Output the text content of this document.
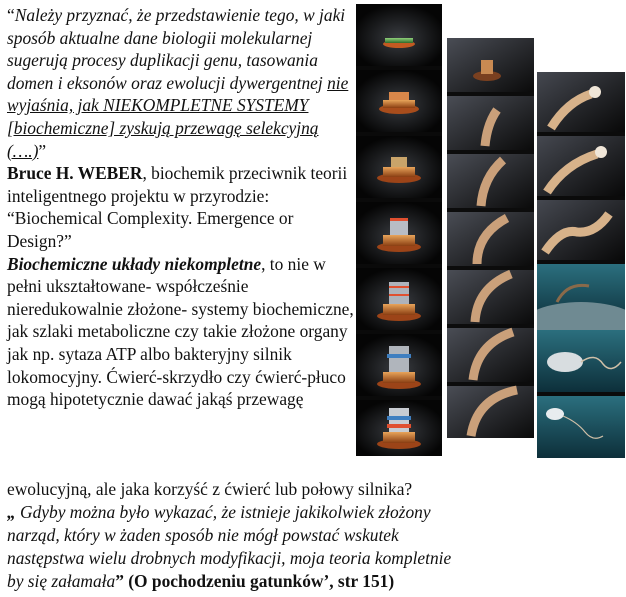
“Należy przyznać, że przedstawienie tego, w jaki sposób aktualne dane biologii molekularnej sugerują procesy duplikacji genu, tasowania domen i eksonów oraz ewolucji dywergentnej nie wyjaśnia, jak NIEKOMPLETNE SYSTEMY [biochemiczne] zyskują przewagę selekcyjną (….)”

Bruce H. WEBER, biochemik przeciwnik teorii inteligentnego projektu w przyrodzie: “Biochemical Complexity. Emergence or Design?”

Biochemiczne układy niekompletne, to nie w pełni ukształtowane- współcześnie nieredukowalnie złożone- systemy biochemiczne, jak szlaki metaboliczne czy takie złożone organy jak np. sytaza ATP albo bakteryjny silnik lokomocyjny. Ćwierć-skrzydło czy ćwierć-płuco mogą hipotetycznie dawać jakąś przewagę

ewolucyjną, ale jaka korzyść z ćwierć lub połowy silnika?
„ Gdyby można było wykazać, że istnieje jakikolwiek złożony
narząd, który w żaden sposób nie mógł powstać wskutek
następstwa wielu drobnych modyfikacji, moja teoria kompletnie
by się załamała” (O pochodzeniu gatunków’, str 151)
